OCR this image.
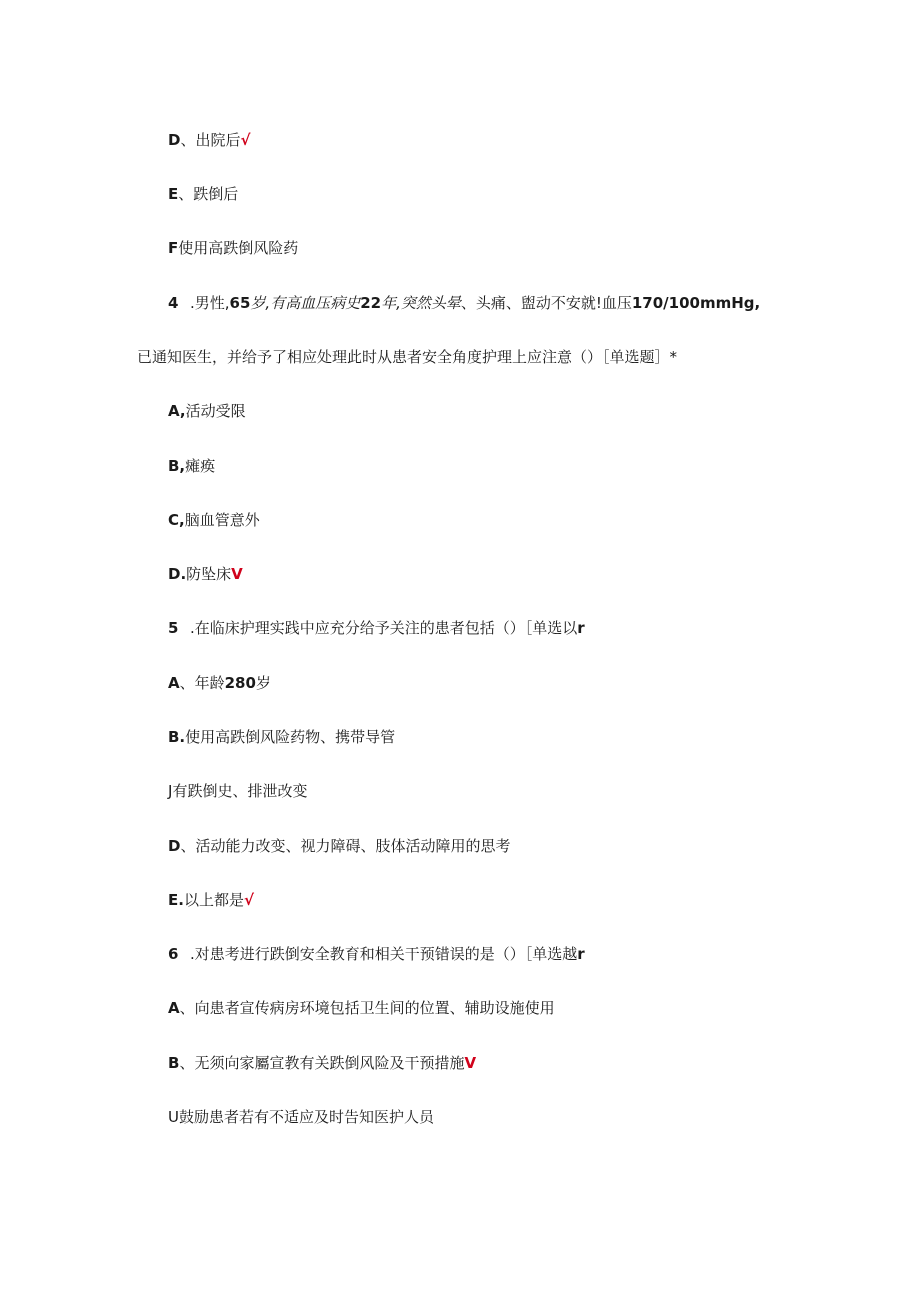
D、出院后√
E、跌倒后
F使用高跌倒风险药
4 .男性,65岁,有高血压病史22年,突然头晕、头痛、盥动不安就!血压170/100mmHg,
已通知医生，并给予了相应处理此时从患者安全角度护理上应注意（）［单选题］*
A,活动受限
B,瘫痪
C,脑血管意外
D.防坠床V
5 .在临床护理实践中应充分给予关注的患者包括（）［单选以r
A、年龄280岁
B.使用高跌倒风险药物、携带导管
J有跌倒史、排泄改变
D、活动能力改变、视力障碍、肢体活动障用的思考
E.以上都是√
6 .对患考进行跌倒安全教育和相关干预错误的是（）［单选越r
A、向患者宣传病房环境包括卫生间的位置、辅助设施使用
B、无须向家屬宣教有关跌倒风险及干预措施V
U鼓励患者若有不适应及时告知医护人员
